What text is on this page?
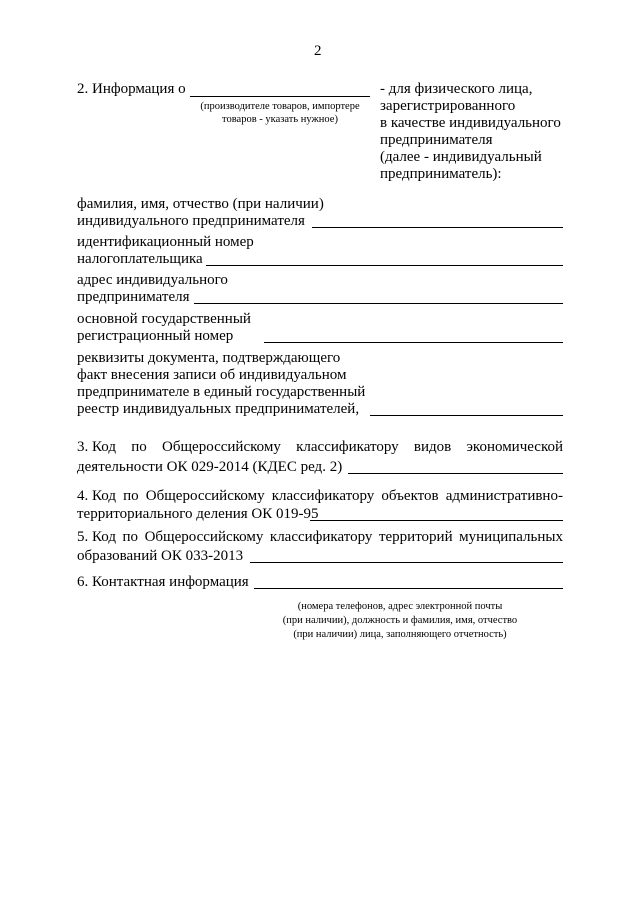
2
2. Информация о
(производителе товаров, импортере
товаров - указать нужное)
- для физического лица,
зарегистрированного
в качестве индивидуального
предпринимателя
(далее - индивидуальный
предприниматель):
фамилия, имя, отчество (при наличии)
индивидуального предпринимателя
идентификационный номер
налогоплательщика
адрес индивидуального
предпринимателя
основной государственный
регистрационный номер
реквизиты документа, подтверждающего
факт внесения записи об индивидуальном
предпринимателе в единый государственный
реестр индивидуальных предпринимателей,
3. Код по Общероссийскому классификатору видов экономической
деятельности ОК 029-2014 (КДЕС ред. 2)
4. Код по Общероссийскому классификатору объектов административно-
территориального деления ОК 019-95
5. Код по Общероссийскому классификатору территорий муниципальных
образований ОК 033-2013
6. Контактная информация
(номера телефонов, адрес электронной почты
(при наличии), должность и фамилия, имя, отчество
(при наличии) лица, заполняющего отчетность)
